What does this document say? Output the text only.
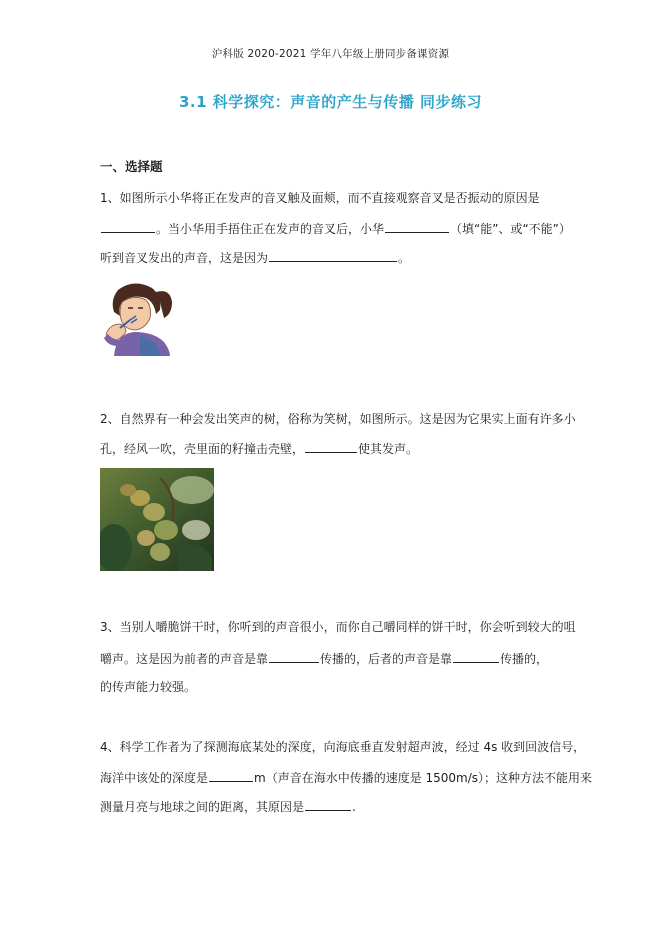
沪科版 2020-2021 学年八年级上册同步备课资源
3.1 科学探究：声音的产生与传播 同步练习
一、选择题
1、如图所示小华将正在发声的音叉触及面颊，而不直接观察音叉是否振动的原因是
。当小华用手捂住正在发声的音叉后，小华	（填“能”、或“不能”）
听到音叉发出的声音，这是因为	。
2、自然界有一种会发出笑声的树，俗称为笑树，如图所示。这是因为它果实上面有许多小
孔，经风一吹，壳里面的籽撞击壳壁，	使其发声。
3、当别人嚼脆饼干时，你听到的声音很小，而你自己嚼同样的饼干时，你会听到较大的咀
嚼声。这是因为前者的声音是靠	传播的，后者的声音是靠	传播的，
的传声能力较强。
4、科学工作者为了探测海底某处的深度，向海底垂直发射超声波，经过 4s 收到回波信号，
海洋中该处的深度是	m（声音在海水中传播的速度是 1500m/s）；这种方法不能用来
测量月亮与地球之间的距离，其原因是	.
